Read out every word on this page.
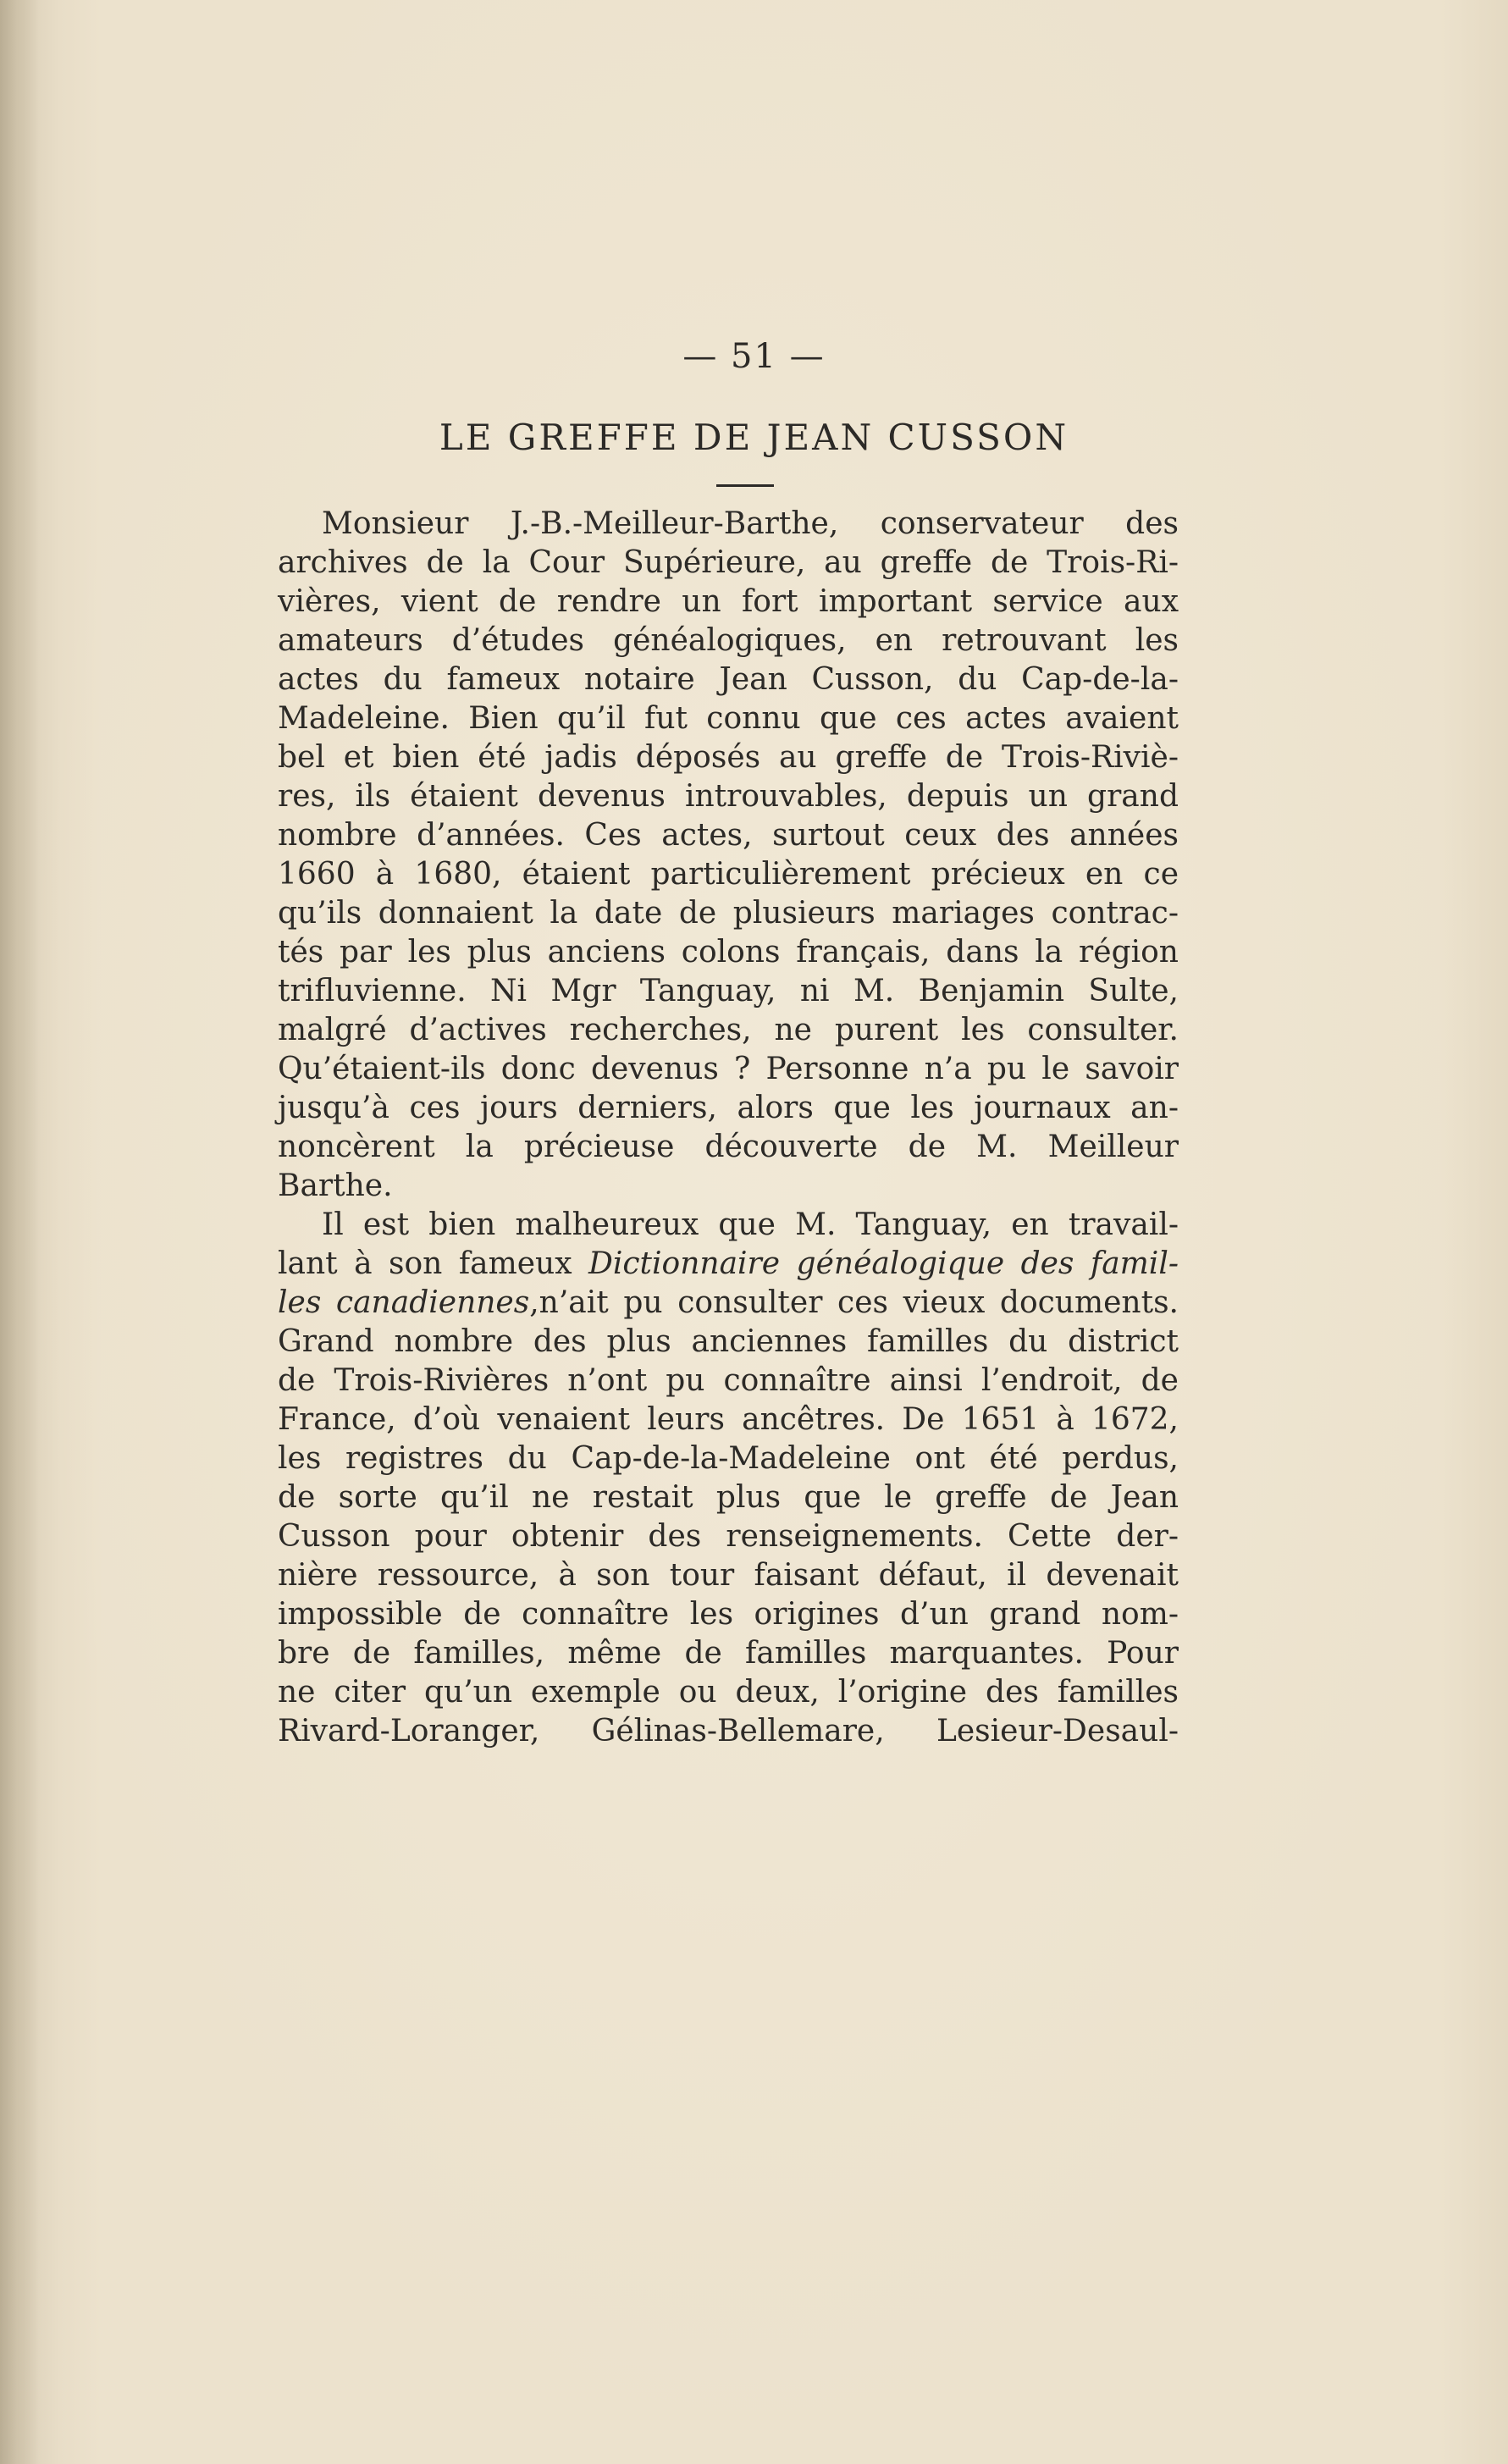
— 51 —
LE GREFFE DE JEAN CUSSON

Monsieur J.-B.-Meilleur-Barthe, conservateur des
archives de la Cour Supérieure, au greffe de Trois-Ri-
vières, vient de rendre un fort important service aux
amateurs d’études généalogiques, en retrouvant les
actes du fameux notaire Jean Cusson, du Cap-de-la-
Madeleine. Bien qu’il fut connu que ces actes avaient
bel et bien été jadis déposés au greffe de Trois-Riviè-
res, ils étaient devenus introuvables, depuis un grand
nombre d’années. Ces actes, surtout ceux des années
1660 à 1680, étaient particulièrement précieux en ce
qu’ils donnaient la date de plusieurs mariages contrac-
tés par les plus anciens colons français, dans la région
trifluvienne. Ni Mgr Tanguay, ni M. Benjamin Sulte,
malgré d’actives recherches, ne purent les consulter.
Qu’étaient-ils donc devenus ? Personne n’a pu le savoir
jusqu’à ces jours derniers, alors que les journaux an-
noncèrent la précieuse découverte de M. Meilleur
Barthe.

Il est bien malheureux que M. Tanguay, en travail-
lant à son fameux Dictionnaire généalogique des famil-
les canadiennes,n’ait pu consulter ces vieux documents.
Grand nombre des plus anciennes familles du district
de Trois-Rivières n’ont pu connaître ainsi l’endroit, de
France, d’où venaient leurs ancêtres. De 1651 à 1672,
les registres du Cap-de-la-Madeleine ont été perdus,
de sorte qu’il ne restait plus que le greffe de Jean
Cusson pour obtenir des renseignements. Cette der-
nière ressource, à son tour faisant défaut, il devenait
impossible de connaître les origines d’un grand nom-
bre de familles, même de familles marquantes. Pour
ne citer qu’un exemple ou deux, l’origine des familles
Rivard-Loranger, Gélinas-Bellemare, Lesieur-Desaul-
